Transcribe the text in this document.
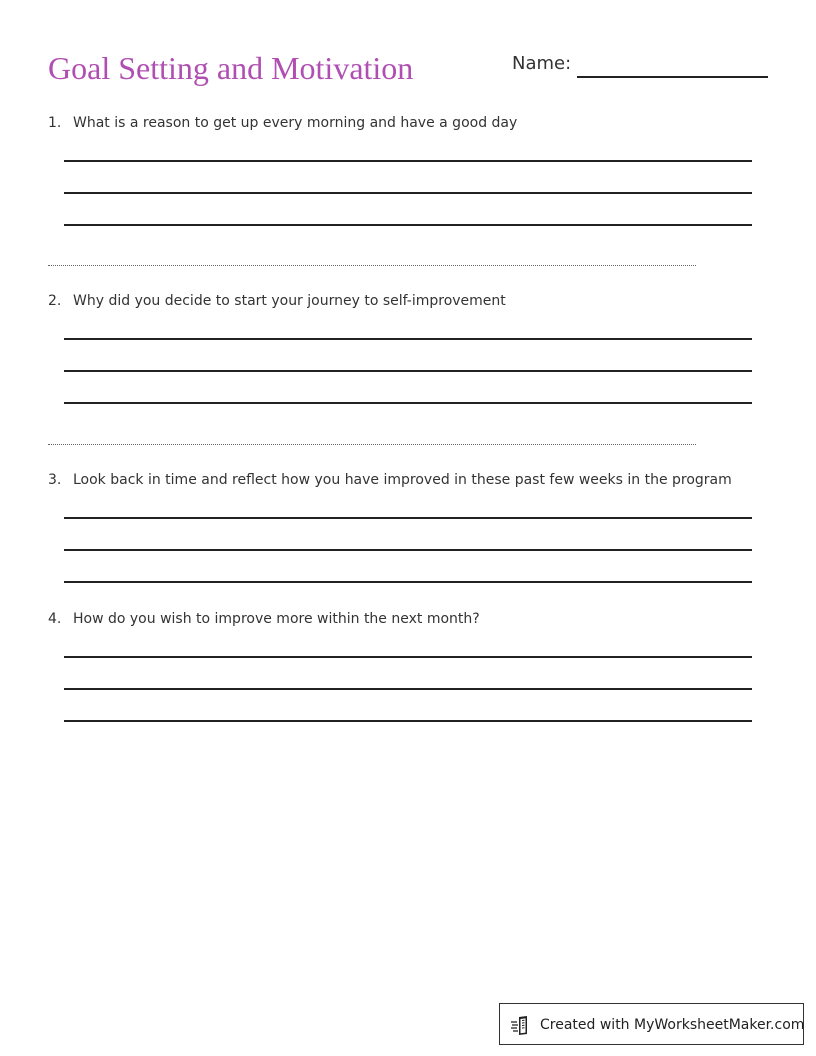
Goal Setting and Motivation	Name:
1. What is a reason to get up every morning and have a good day
2. Why did you decide to start your journey to self-improvement
3. Look back in time and reflect how you have improved in these past few weeks in the program
4. How do you wish to improve more within the next month?
Created with MyWorksheetMaker.com
